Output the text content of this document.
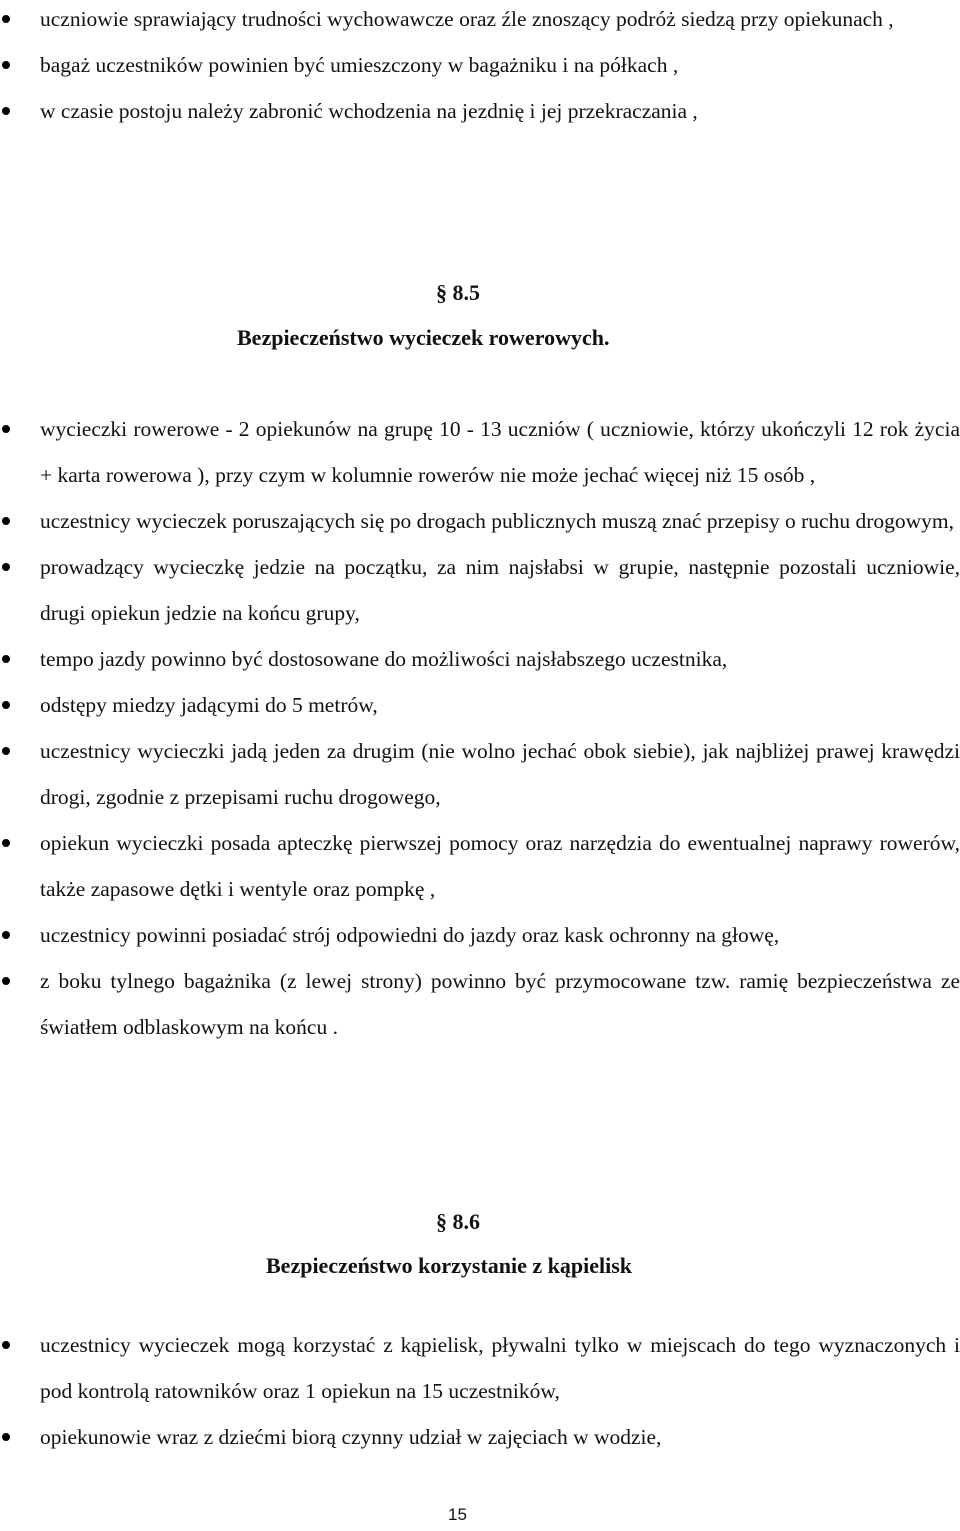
uczniowie sprawiający trudności wychowawcze oraz źle znoszący podróż siedzą przy opiekunach ,
bagaż uczestników powinien być umieszczony w bagażniku i na półkach ,
w czasie postoju należy zabronić wchodzenia na jezdnię i jej przekraczania ,
§ 8.5
Bezpieczeństwo wycieczek rowerowych.
wycieczki rowerowe - 2 opiekunów na grupę 10 - 13 uczniów ( uczniowie, którzy ukończyli 12 rok życia + karta rowerowa ), przy czym w kolumnie rowerów nie może jechać więcej niż 15 osób ,
uczestnicy wycieczek poruszających się po drogach publicznych muszą znać przepisy o ruchu drogowym,
prowadzący wycieczkę jedzie na początku, za nim najsłabsi w grupie, następnie pozostali uczniowie, drugi opiekun jedzie na końcu grupy,
tempo jazdy powinno być dostosowane do możliwości najsłabszego uczestnika,
odstępy miedzy jadącymi do 5 metrów,
uczestnicy wycieczki jadą jeden za drugim (nie wolno jechać obok siebie), jak najbliżej prawej krawędzi drogi, zgodnie z przepisami ruchu drogowego,
opiekun wycieczki posada apteczkę pierwszej pomocy oraz narzędzia do ewentualnej naprawy rowerów, także zapasowe dętki i wentyle oraz pompkę ,
uczestnicy powinni posiadać strój odpowiedni do jazdy oraz kask ochronny na głowę,
z boku tylnego bagażnika (z lewej strony) powinno być przymocowane tzw. ramię bezpieczeństwa ze światłem odblaskowym na końcu .
§ 8.6
Bezpieczeństwo korzystanie z kąpielisk
uczestnicy wycieczek mogą korzystać z kąpielisk, pływalni tylko w miejscach do tego wyznaczonych i pod kontrolą ratowników oraz 1 opiekun na 15 uczestników,
opiekunowie wraz z dziećmi biorą czynny udział w zajęciach w wodzie,
15
